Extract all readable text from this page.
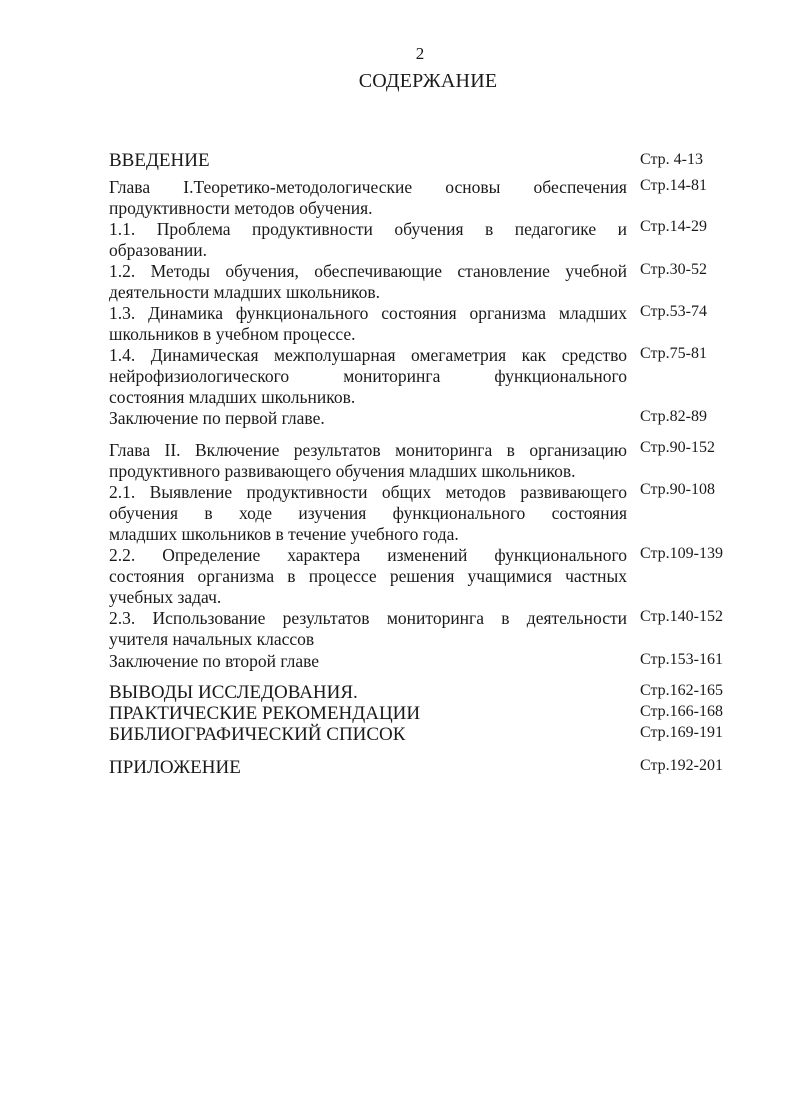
2
СОДЕРЖАНИЕ
ВВЕДЕНИЕ	Стр. 4-13
Глава I.Теоретико-методологические основы обеспечения
продуктивности методов обучения.
Стр.14-81
1.1. Проблема продуктивности обучения в педагогике и
образовании.
Стр.14-29
1.2. Методы обучения, обеспечивающие становление учебной
деятельности младших школьников.
Стр.30-52
1.3. Динамика функционального состояния организма младших
школьников в учебном процессе.
Стр.53-74
1.4. Динамическая межполушарная омегаметрия как средство
нейрофизиологического мониторинга функционального
состояния младших школьников.
Стр.75-81
Заключение по первой главе.	Стр.82-89
Глава II. Включение результатов мониторинга в организацию
продуктивного развивающего обучения младших школьников.
Стр.90-152
2.1. Выявление продуктивности общих методов развивающего
обучения в ходе изучения функционального состояния
младших школьников в течение учебного года.
Стр.90-108
2.2. Определение характера изменений функционального
состояния организма в процессе решения учащимися частных
учебных задач.
Стр.109-139
2.3. Использование результатов мониторинга в деятельности
учителя начальных классов
Стр.140-152
Заключение по второй главе	Стр.153-161
ВЫВОДЫ ИССЛЕДОВАНИЯ.	Стр.162-165
ПРАКТИЧЕСКИЕ РЕКОМЕНДАЦИИ	Стр.166-168
БИБЛИОГРАФИЧЕСКИЙ СПИСОК	Стр.169-191
ПРИЛОЖЕНИЕ	Стр.192-201
